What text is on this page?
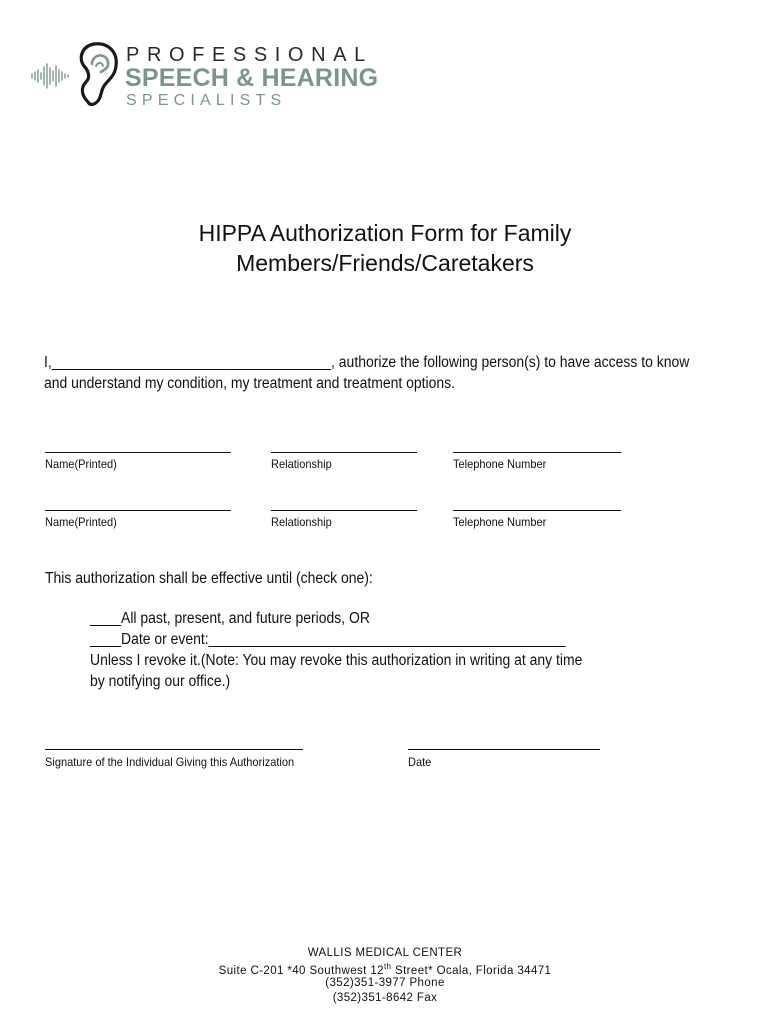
PROFESSIONAL
SPEECH & HEARING
SPECIALISTS
HIPPA Authorization Form for Family
Members/Friends/Caretakers
I,____________________________________, authorize the following person(s) to have access to know
and understand my condition, my treatment and treatment options.
Name(Printed)	Relationship	Telephone Number
Name(Printed)	Relationship	Telephone Number
This authorization shall be effective until (check one):
____All past, present, and future periods, OR
____Date or event:______________________________________________
Unless I revoke it.(Note: You may revoke this authorization in writing at any time
by notifying our office.)
Signature of the Individual Giving this Authorization	Date
WALLIS MEDICAL CENTER
Suite C-201 *40 Southwest 12th Street* Ocala, Florida 34471
(352)351-3977 Phone
(352)351-8642 Fax
